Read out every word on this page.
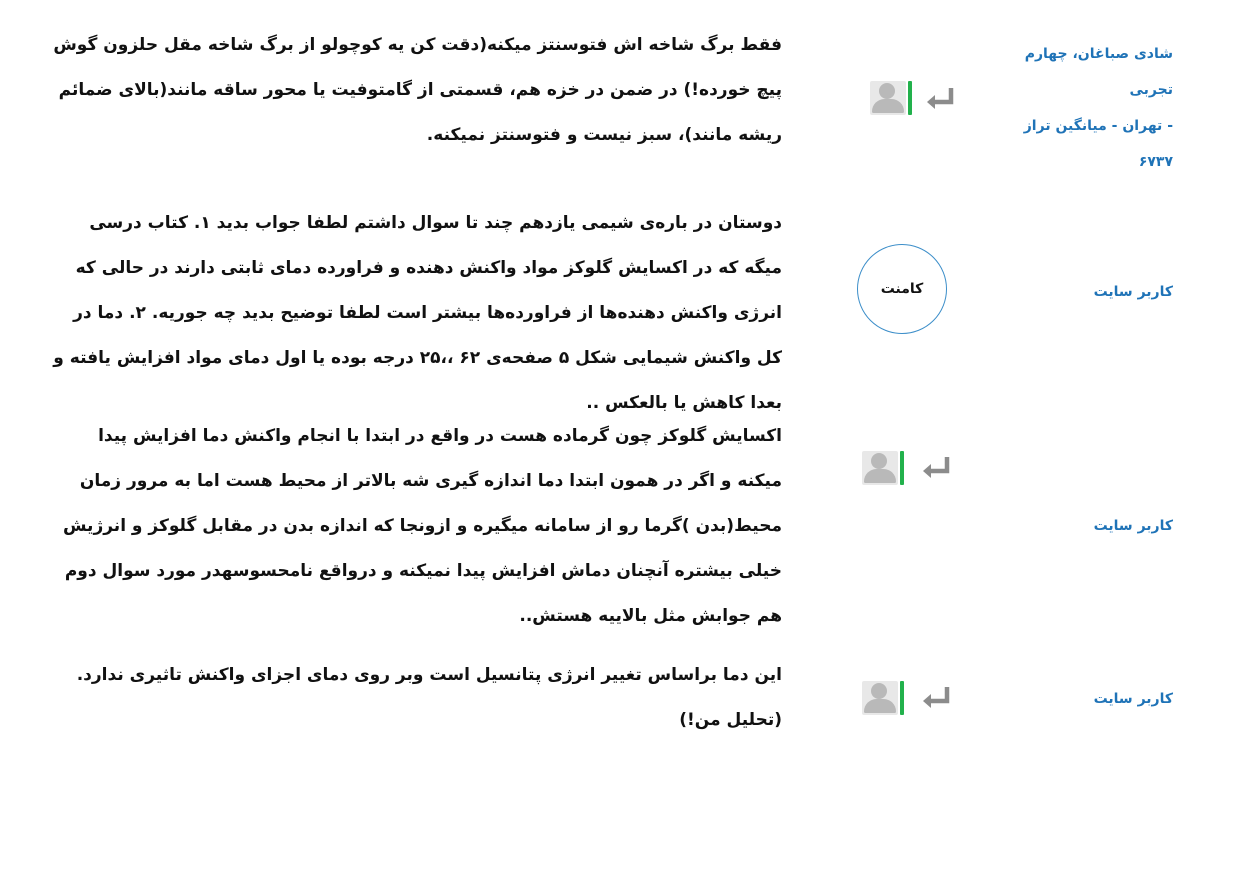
شادی صباغان، چهارم تجربی
- تهران - میانگین تراز
۶۷۳۷
فقط برگ شاخه اش فتوسنتز میکنه(دقت کن یه کوچولو از برگ شاخه مقل حلزون گوش پیچ خورده!) در ضمن در خزه هم، قسمتی از گامتوفیت یا محور ساقه مانند(بالای ضمائم ریشه مانند)، سبز نیست و فتوسنتز نمیکنه.
کاربر سایت
کامنت
دوستان در باره‌ی شیمی یازدهم چند تا سوال داشتم لطفا جواب بدید ۱. کتاب درسی میگه که در اکسایش گلوکز مواد واکنش دهنده و فراورده دمای ثابتی دارند در حالی که انرژی واکنش دهنده‌ها از فراورده‌ها بیشتر است لطفا توضیح بدید چه جوریه. ۲. دما در کل واکنش شیمایی شکل ۵ صفحه‌ی ۶۲ ،،۲۵ درجه بوده یا اول دمای مواد افزایش یافته و بعدا کاهش یا بالعکس ..
کاربر سایت
اکسایش گلوکز چون گرماده هست در واقع در ابتدا با انجام واکنش دما افزایش پیدا میکنه و اگر در همون ابتدا دما اندازه گیری شه بالاتر از محیط هست اما به مرور زمان محیط(بدن )گرما رو از سامانه میگیره و ازونجا که اندازه بدن در مقابل گلوکز و انرژیش خیلی بیشتره آنچنان دماش افزایش پیدا نمیکنه و درواقع نامحسوسهدر مورد سوال دوم هم جوابش مثل بالاییه هستش..
کاربر سایت
این دما براساس تغییر انرژی پتانسیل است وبر روی دمای اجزای واکنش تاثیری ندارد.(تحلیل من!)
